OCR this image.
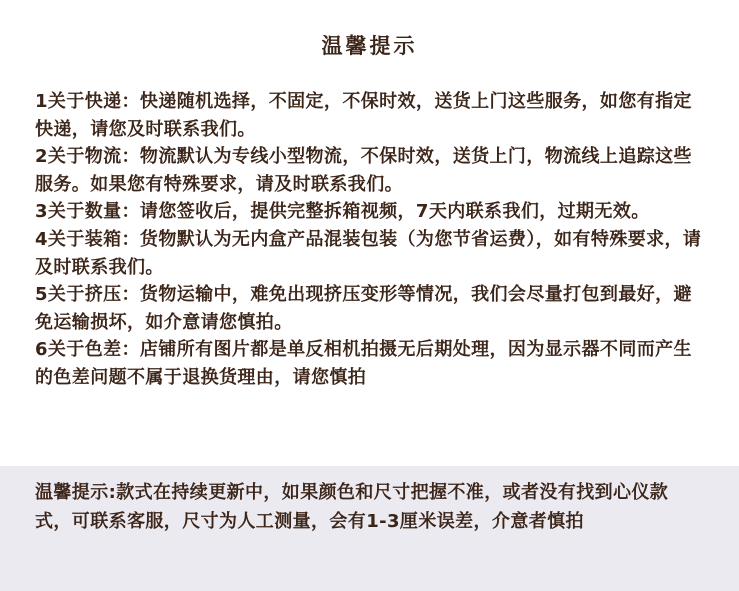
温馨提示
1关于快递：快递随机选择，不固定，不保时效，送货上门这些服务，如您有指定快递，请您及时联系我们。
2关于物流：物流默认为专线小型物流，不保时效，送货上门，物流线上追踪这些服务。如果您有特殊要求，请及时联系我们。
3关于数量：请您签收后，提供完整拆箱视频，7天内联系我们，过期无效。
4关于装箱：货物默认为无内盒产品混装包装（为您节省运费），如有特殊要求，请及时联系我们。
5关于挤压：货物运输中，难免出现挤压变形等情况，我们会尽量打包到最好，避免运输损坏，如介意请您慎拍。
6关于色差：店铺所有图片都是单反相机拍摄无后期处理，因为显示器不同而产生的色差问题不属于退换货理由，请您慎拍

温馨提示:款式在持续更新中，如果颜色和尺寸把握不准，或者没有找到心仪款式，可联系客服，尺寸为人工测量，会有1-3厘米误差，介意者慎拍
